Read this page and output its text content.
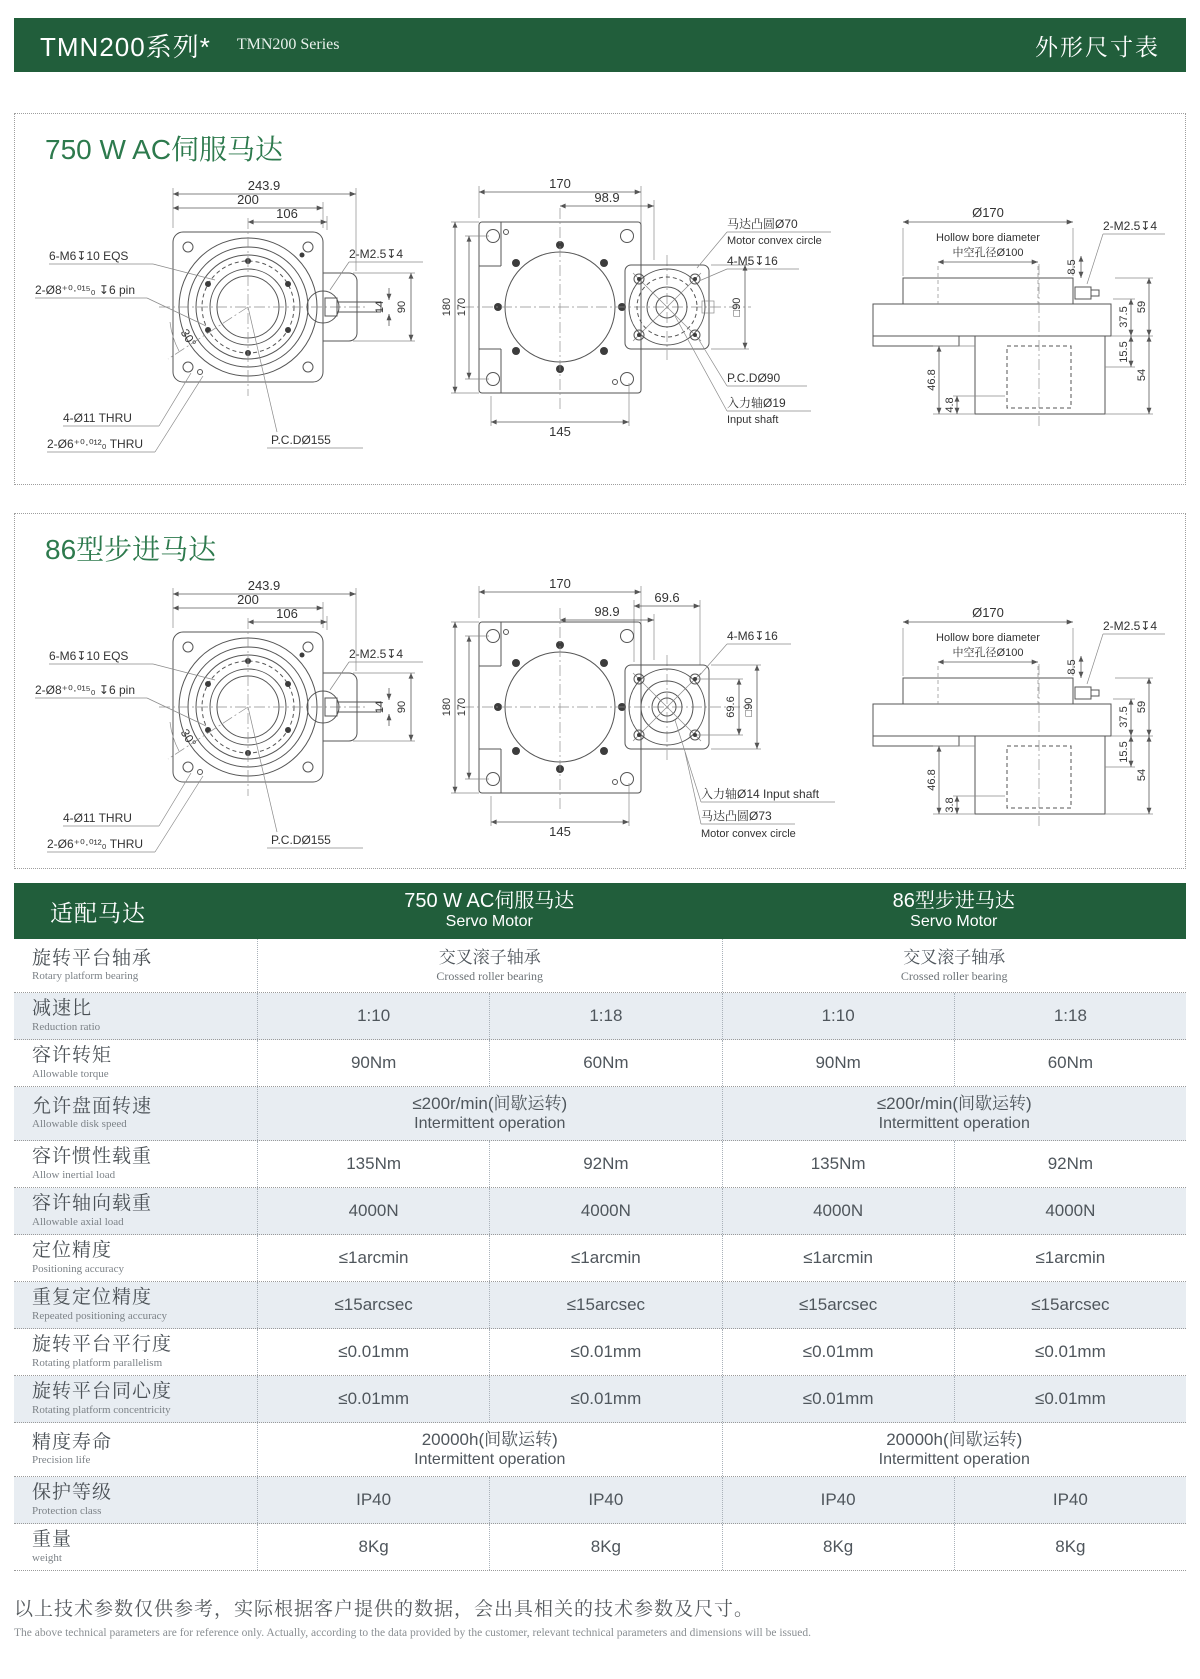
TMN200系列* TMN200 Series	外形尺寸表
750 W AC伺服马达
243.9
200
106
6-M6↧10 EQS
2-Ø8⁺⁰·⁰¹⁵₀ ↧6 pin
2-M2.5↧4
30°
4-Ø11 THRU
2-Ø6⁺⁰·⁰¹²₀ THRU	P.C.DØ155
14 90
170
98.9
180 170
145
马达凸圆Ø70
Motor convex circle
4-M5↧16
□90
P.C.DØ90
入力轴Ø19
Input shaft
Ø170
Hollow bore diameter
中空孔径Ø100
8.5
2-M2.5↧4
37.5 59
15.5
54
46.8
4.8
86型步进马达
243.9
200
106
6-M6↧10 EQS
2-Ø8⁺⁰·⁰¹⁵₀ ↧6 pin
2-M2.5↧4
30°
4-Ø11 THRU
2-Ø6⁺⁰·⁰¹²₀ THRU	P.C.DØ155
14 90
170
69.6
98.9
180 170
145
4-M6↧16
69.6 □90
入力轴Ø14 Input shaft
马达凸圆Ø73
Motor convex circle
Ø170
Hollow bore diameter
中空孔径Ø100
8.5
2-M2.5↧4
37.5 59
15.5
54
46.8
3.8
适配马达	750 W AC伺服马达
Servo Motor
86型步进马达
Servo Motor
旋转平台轴承
Rotary platform bearing
交叉滚子轴承
Crossed roller bearing
交叉滚子轴承
Crossed roller bearing
减速比
Reduction ratio
1:10	1:18	1:10	1:18
容许转矩
Allowable torque
90Nm	60Nm	90Nm	60Nm
允许盘面转速
Allowable disk speed
≤200r/min(间歇运转)
Intermittent operation
≤200r/min(间歇运转)
Intermittent operation
容许惯性载重
Allow inertial load
135Nm	92Nm	135Nm	92Nm
容许轴向载重
Allowable axial load
4000N	4000N	4000N	4000N
定位精度
Positioning accuracy
≤1arcmin	≤1arcmin	≤1arcmin	≤1arcmin
重复定位精度
Repeated positioning accuracy
≤15arcsec	≤15arcsec	≤15arcsec	≤15arcsec
旋转平台平行度
Rotating platform parallelism
≤0.01mm	≤0.01mm	≤0.01mm	≤0.01mm
旋转平台同心度
Rotating platform concentricity
≤0.01mm	≤0.01mm	≤0.01mm	≤0.01mm
精度寿命
Precision life
20000h(间歇运转)
Intermittent operation
20000h(间歇运转)
Intermittent operation
保护等级
Protection class
IP40	IP40	IP40	IP40
重量
weight
8Kg	8Kg	8Kg	8Kg
以上技术参数仅供参考，实际根据客户提供的数据，会出具相关的技术参数及尺寸。
The above technical parameters are for reference only. Actually, according to the data provided by the customer, relevant technical parameters and dimensions will be issued.
